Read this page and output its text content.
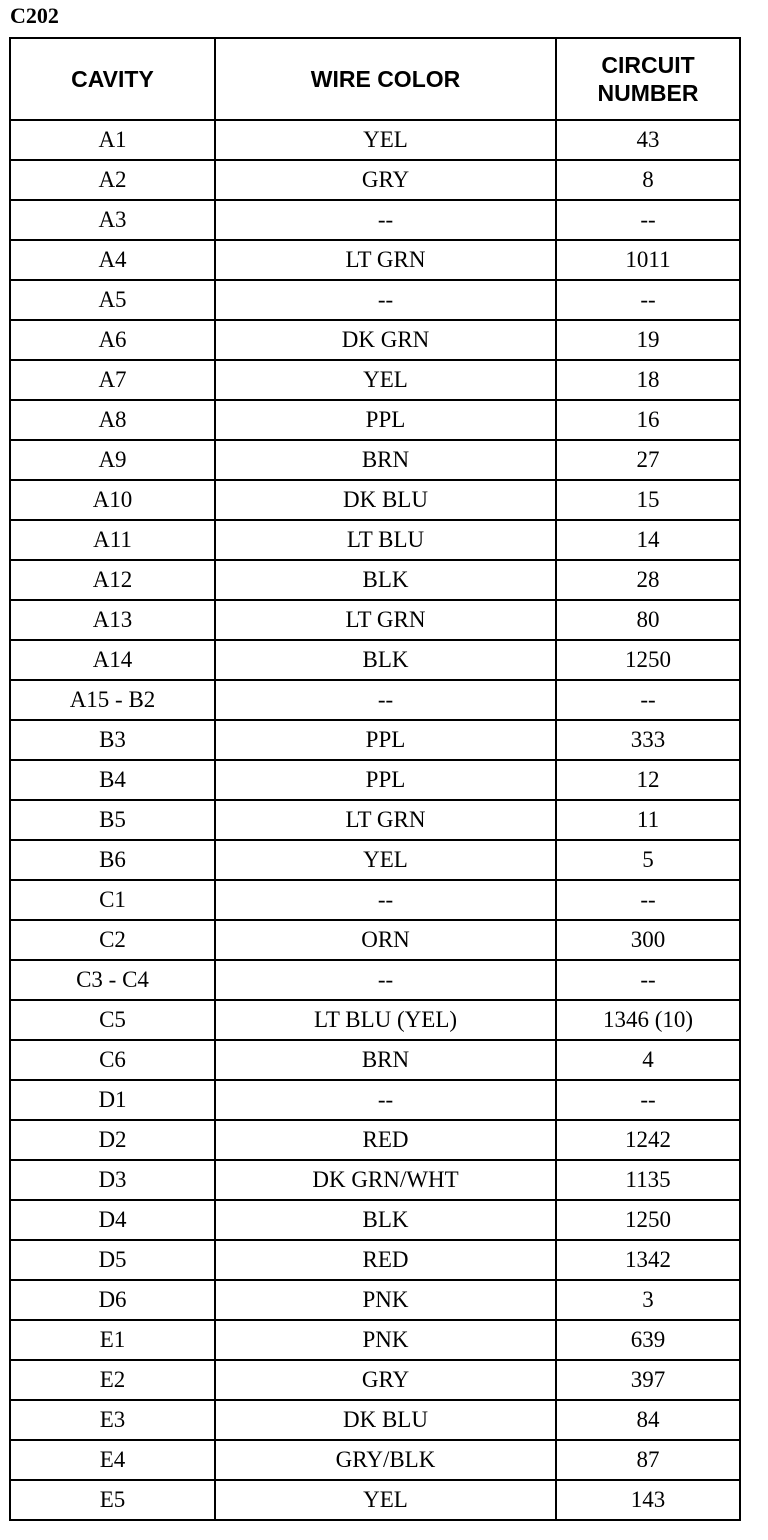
C202
CAVITY	WIRE COLOR	CIRCUIT
NUMBER

A1	YEL	43
A2	GRY	8
A3	--	--
A4	LT GRN	1011
A5	--	--
A6	DK GRN	19
A7	YEL	18
A8	PPL	16
A9	BRN	27
A10	DK BLU	15
A11	LT BLU	14
A12	BLK	28
A13	LT GRN	80
A14	BLK	1250
A15 - B2	--	--
B3	PPL	333
B4	PPL	12
B5	LT GRN	11
B6	YEL	5
C1	--	--
C2	ORN	300
C3 - C4	--	--
C5	LT BLU (YEL)	1346 (10)
C6	BRN	4
D1	--	--
D2	RED	1242
D3	DK GRN/WHT	1135
D4	BLK	1250
D5	RED	1342
D6	PNK	3
E1	PNK	639
E2	GRY	397
E3	DK BLU	84
E4	GRY/BLK	87
E5	YEL	143
